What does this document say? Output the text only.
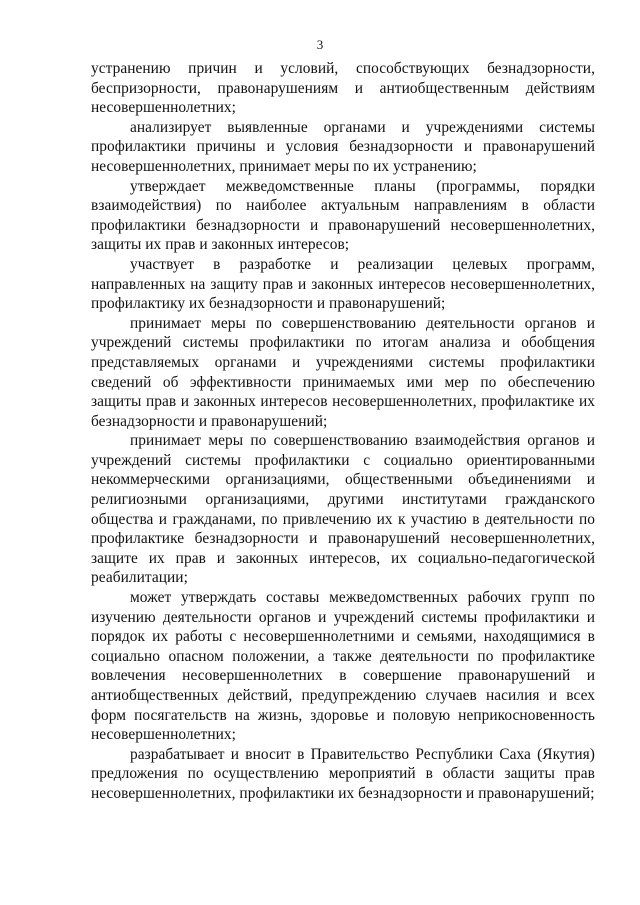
3

устранению причин и условий, способствующих безнадзорности, беспризорности, правонарушениям и антиобщественным действиям несовершеннолетних;

анализирует выявленные органами и учреждениями системы профилактики причины и условия безнадзорности и правонарушений несовершеннолетних, принимает меры по их устранению;

утверждает межведомственные планы (программы, порядки взаимодействия) по наиболее актуальным направлениям в области профилактики безнадзорности и правонарушений несовершеннолетних, защиты их прав и законных интересов;

участвует в разработке и реализации целевых программ, направленных на защиту прав и законных интересов несовершеннолетних, профилактику их безнадзорности и правонарушений;

принимает меры по совершенствованию деятельности органов и учреждений системы профилактики по итогам анализа и обобщения представляемых органами и учреждениями системы профилактики сведений об эффективности принимаемых ими мер по обеспечению защиты прав и законных интересов несовершеннолетних, профилактике их безнадзорности и правонарушений;

принимает меры по совершенствованию взаимодействия органов и учреждений системы профилактики с социально ориентированными некоммерческими организациями, общественными объединениями и религиозными организациями, другими институтами гражданского общества и гражданами, по привлечению их к участию в деятельности по профилактике безнадзорности и правонарушений несовершеннолетних, защите их прав и законных интересов, их социально-педагогической реабилитации;

может утверждать составы межведомственных рабочих групп по изучению деятельности органов и учреждений системы профилактики и порядок их работы с несовершеннолетними и семьями, находящимися в социально опасном положении, а также деятельности по профилактике вовлечения несовершеннолетних в совершение правонарушений и антиобщественных действий, предупреждению случаев насилия и всех форм посягательств на жизнь, здоровье и половую неприкосновенность несовершеннолетних;

разрабатывает и вносит в Правительство Республики Саха (Якутия) предложения по осуществлению мероприятий в области защиты прав несовершеннолетних, профилактики их безнадзорности и правонарушений;
